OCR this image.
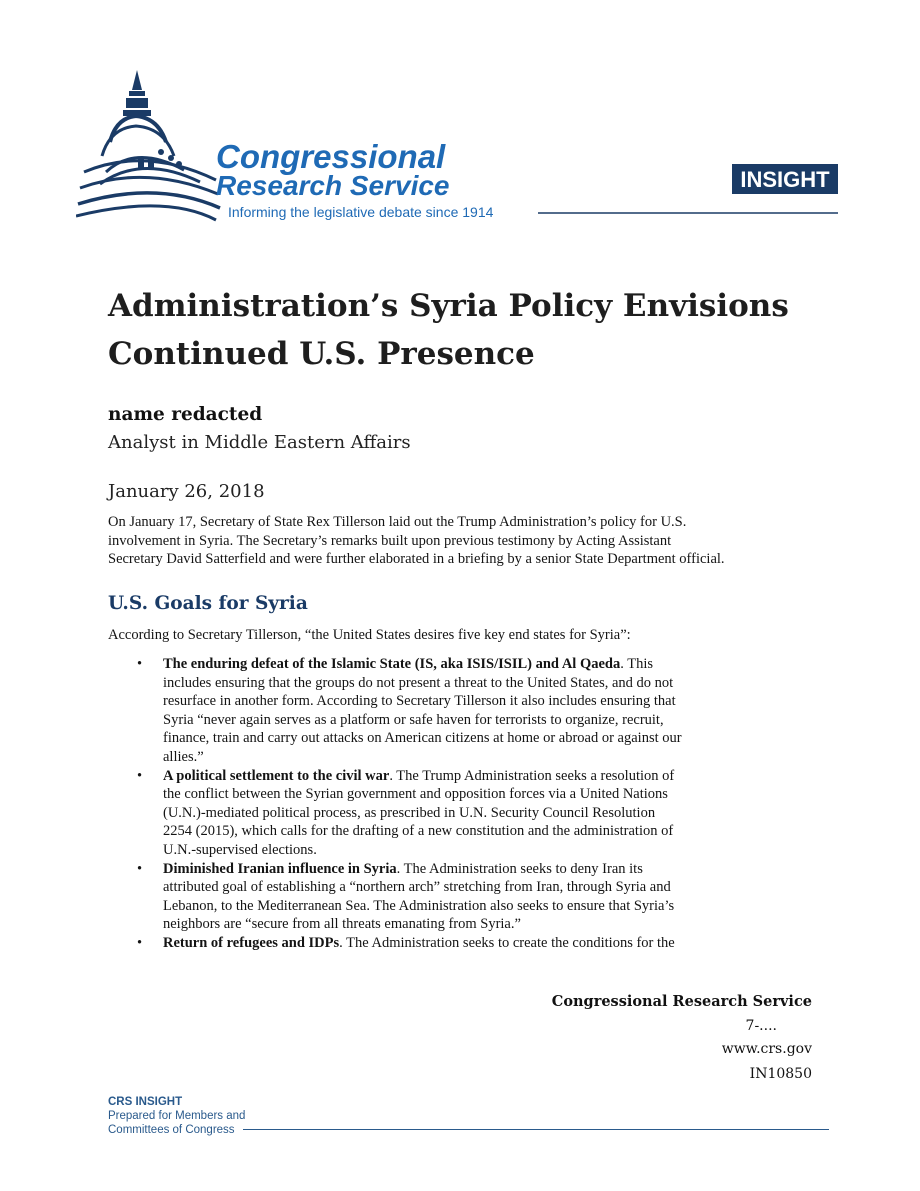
Congressional
Research Service
Informing the legislative debate since 1914
INSIGHT
Administration’s Syria Policy Envisions
Continued U.S. Presence
name redacted
Analyst in Middle Eastern Affairs
January 26, 2018
On January 17, Secretary of State Rex Tillerson laid out the Trump Administration’s policy for U.S.
involvement in Syria. The Secretary’s remarks built upon previous testimony by Acting Assistant
Secretary David Satterfield and were further elaborated in a briefing by a senior State Department official.
U.S. Goals for Syria
According to Secretary Tillerson, “the United States desires five key end states for Syria”:
• The enduring defeat of the Islamic State (IS, aka ISIS/ISIL) and Al Qaeda. This
includes ensuring that the groups do not present a threat to the United States, and do not
resurface in another form. According to Secretary Tillerson it also includes ensuring that
Syria “never again serves as a platform or safe haven for terrorists to organize, recruit,
finance, train and carry out attacks on American citizens at home or abroad or against our
allies.”
• A political settlement to the civil war. The Trump Administration seeks a resolution of
the conflict between the Syrian government and opposition forces via a United Nations
(U.N.)-mediated political process, as prescribed in U.N. Security Council Resolution
2254 (2015), which calls for the drafting of a new constitution and the administration of
U.N.-supervised elections.
• Diminished Iranian influence in Syria. The Administration seeks to deny Iran its
attributed goal of establishing a “northern arch” stretching from Iran, through Syria and
Lebanon, to the Mediterranean Sea. The Administration also seeks to ensure that Syria’s
neighbors are “secure from all threats emanating from Syria.”
• Return of refugees and IDPs. The Administration seeks to create the conditions for the
Congressional Research Service
7-....
www.crs.gov
IN10850
CRS INSIGHT
Prepared for Members and
Committees of Congress
